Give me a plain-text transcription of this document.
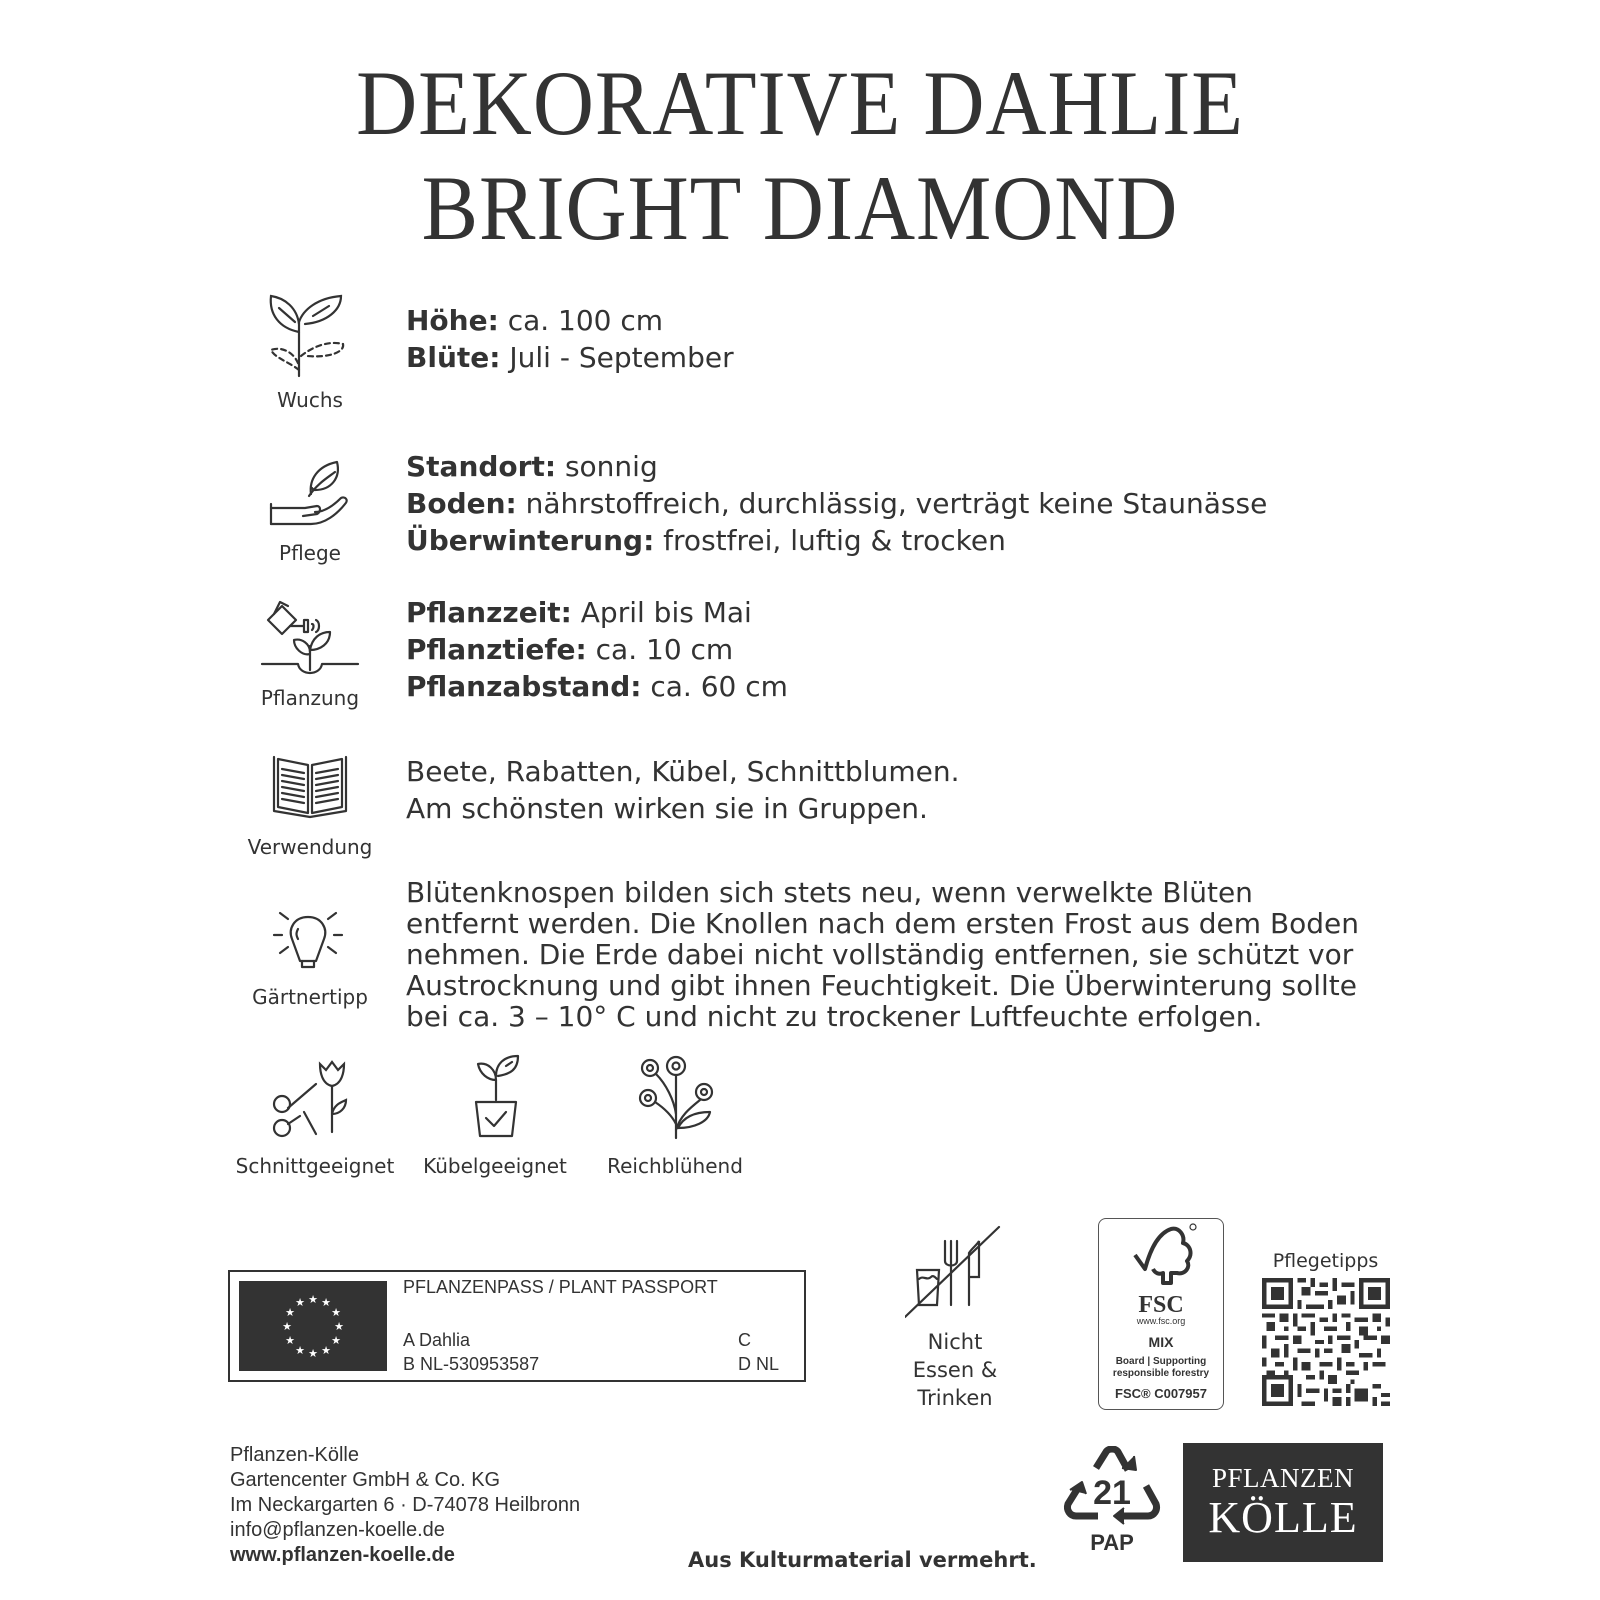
DEKORATIVE DAHLIE
BRIGHT DIAMOND
Wuchs
Höhe: ca. 100 cm
Blüte: Juli - September
Pflege
Standort: sonnig
Boden: nährstoffreich, durchlässig, verträgt keine Staunässe
Überwinterung: frostfrei, luftig & trocken
Pflanzung
Pflanzzeit: April bis Mai
Pflanztiefe: ca. 10 cm
Pflanzabstand: ca. 60 cm
Verwendung
Beete, Rabatten, Kübel, Schnittblumen.
Am schönsten wirken sie in Gruppen.
Gärtnertipp
Blütenknospen bilden sich stets neu, wenn verwelkte Blüten
entfernt werden. Die Knollen nach dem ersten Frost aus dem Boden
nehmen. Die Erde dabei nicht vollständig entfernen, sie schützt vor
Austrocknung und gibt ihnen Feuchtigkeit. Die Überwinterung sollte
bei ca. 3 – 10° C und nicht zu trockener Luftfeuchte erfolgen.
Schnittgeeignet	Kübelgeeignet	Reichblühend
★ ★
★
★
★
★
★
★
★
★
★
★
PFLANZENPASS / PLANT PASSPORT
A Dahlia
B NL-530953587
C
D NL
Nicht
Essen & Trinken
FSC
www.fsc.org
MIX
Board | Supporting
responsible forestry
FSC® C007957
Pflegetipps
Pflanzen-Kölle
Gartencenter GmbH & Co. KG
Im Neckargarten 6 · D-74078 Heilbronn
info@pflanzen-koelle.de
www.pflanzen-koelle.de	Aus Kulturmaterial vermehrt.
21
PAP
PFLANZEN
KÖLLE
